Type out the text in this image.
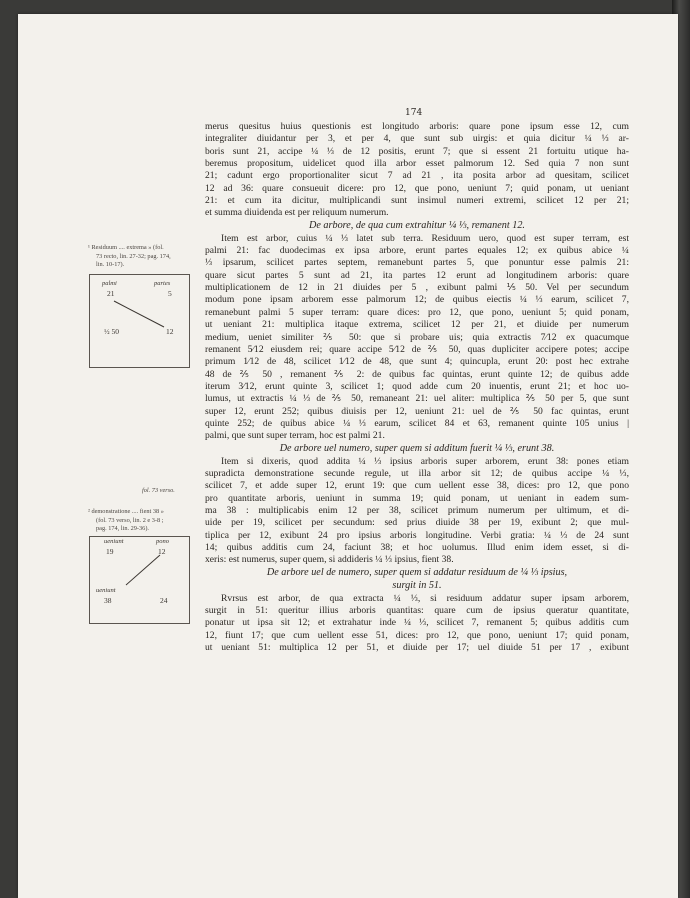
174
¹ Residuum .... extrema » (fol.
73 recto, lin. 27-32; pag. 174,
lin. 10-17).
palmi	partes
21	5
½ 50	12
fol. 73 verso.
² demonstratione .... fient 38 »
(fol. 73 verso, lin. 2 e 3-8 ;
pag. 174, lin. 29-36).
ueniunt	pono
19	12
ueniunt
38	24
merus quesitus huius questionis est longitudo arboris: quare pone ipsum esse 12, cum
integraliter diuidantur per 3, et per 4, que sunt sub uirgis: et quia dicitur ¼ ⅓ ar-
boris sunt 21, accipe ¼ ⅓ de 12 positis, erunt 7; que si essent 21 fortuitu utique ha-
beremus propositum, uidelicet quod illa arbor esset palmorum 12. Sed quia 7 non sunt
21; cadunt ergo proportionaliter sicut 7 ad 21 , ita posita arbor ad quesitam, scilicet
12 ad 36: quare consueuit dicere: pro 12, que pono, ueniunt 7; quid ponam, ut ueniant
21: et cum ita dicitur, multiplicandi sunt insimul numeri extremi, scilicet 12 per 21;
et summa diuidenda est per reliquum numerum.
De arbore, de qua cum extrahitur ¼ ⅓, remanent 12.
Item est arbor, cuius ¼ ⅓ latet sub terra. Residuum uero, quod est super terram, est
palmi 21: fac duodecimas ex ipsa arbore, erunt partes equales 12; ex quibus abice ¼
⅓ ipsarum, scilicet partes septem, remanebunt partes 5, que ponuntur esse palmis 21:
quare sicut partes 5 sunt ad 21, ita partes 12 erunt ad longitudinem arboris: quare
multiplicationem de 12 in 21 diuides per 5 , exibunt palmi ⅕ 50. Vel per secundum
modum pone ipsam arborem esse palmorum 12; de quibus eiectis ¼ ⅓ earum, scilicet 7,
remanebunt palmi 5 super terram: quare dices: pro 12, que pono, ueniunt 5; quid ponam,
ut ueniant 21: multiplica itaque extrema, scilicet 12 per 21, et diuide per numerum
medium, ueniet similiter ⅖ 50: que si probare uis; quia extractis 7⁄12 ex quacumque
remanent 5⁄12 eiusdem rei; quare accipe 5⁄12 de ⅖ 50, quas dupliciter accipere potes; accipe
primum 1⁄12 de 48, scilicet 1⁄12 de 48, que sunt 4; quincupla, erunt 20: post hec extrahe
48 de ⅖ 50 , remanent ⅖ 2: de quibus fac quintas, erunt quinte 12; de quibus adde
iterum 3⁄12, erunt quinte 3, scilicet 1; quod adde cum 20 inuentis, erunt 21; et hoc uo-
lumus, ut extractis ¼ ⅓ de ⅖ 50, remaneant 21: uel aliter: multiplica ⅖ 50 per 5, que sunt
super 12, erunt 252; quibus diuisis per 12, ueniunt 21: uel de ⅖ 50 fac quintas, erunt
quinte 252; de quibus abice ¼ ⅓ earum, scilicet 84 et 63, remanent quinte 105 unius |
palmi, que sunt super terram, hoc est palmi 21.
De arbore uel numero, super quem si additum fuerit ¼ ⅓, erunt 38.
Item si dixeris, quod addita ¼ ⅓ ipsius arboris super arborem, erunt 38: pones etiam
supradicta demonstratione secunde regule, ut illa arbor sit 12; de quibus accipe ¼ ⅓,
scilicet 7, et adde super 12, erunt 19: que cum uellent esse 38, dices: pro 12, que pono
pro quantitate arboris, ueniunt in summa 19; quid ponam, ut ueniant in eadem sum-
ma 38 : multiplicabis enim 12 per 38, scilicet primum numerum per ultimum, et di-
uide per 19, scilicet per secundum: sed prius diuide 38 per 19, exibunt 2; que mul-
tiplica per 12, exibunt 24 pro ipsius arboris longitudine. Verbi gratia: ¼ ⅓ de 24 sunt
14; quibus additis cum 24, faciunt 38; et hoc uolumus. Illud enim idem esset, si di-
xeris: est numerus, super quem, si addideris ¼ ⅓ ipsius, fient 38.
De arbore uel de numero, super quem si addatur residuum de ¼ ⅓ ipsius,
surgit in 51.
Rvrsus est arbor, de qua extracta ¼ ⅓, si residuum addatur super ipsam arborem,
surgit in 51: queritur illius arboris quantitas: quare cum de ipsius queratur quantitate,
ponatur ut ipsa sit 12; et extrahatur inde ¼ ⅓, scilicet 7, remanent 5; quibus additis cum
12, fiunt 17; que cum uellent esse 51, dices: pro 12, que pono, ueniunt 17; quid ponam,
ut ueniant 51: multiplica 12 per 51, et diuide per 17; uel diuide 51 per 17 , exibunt
